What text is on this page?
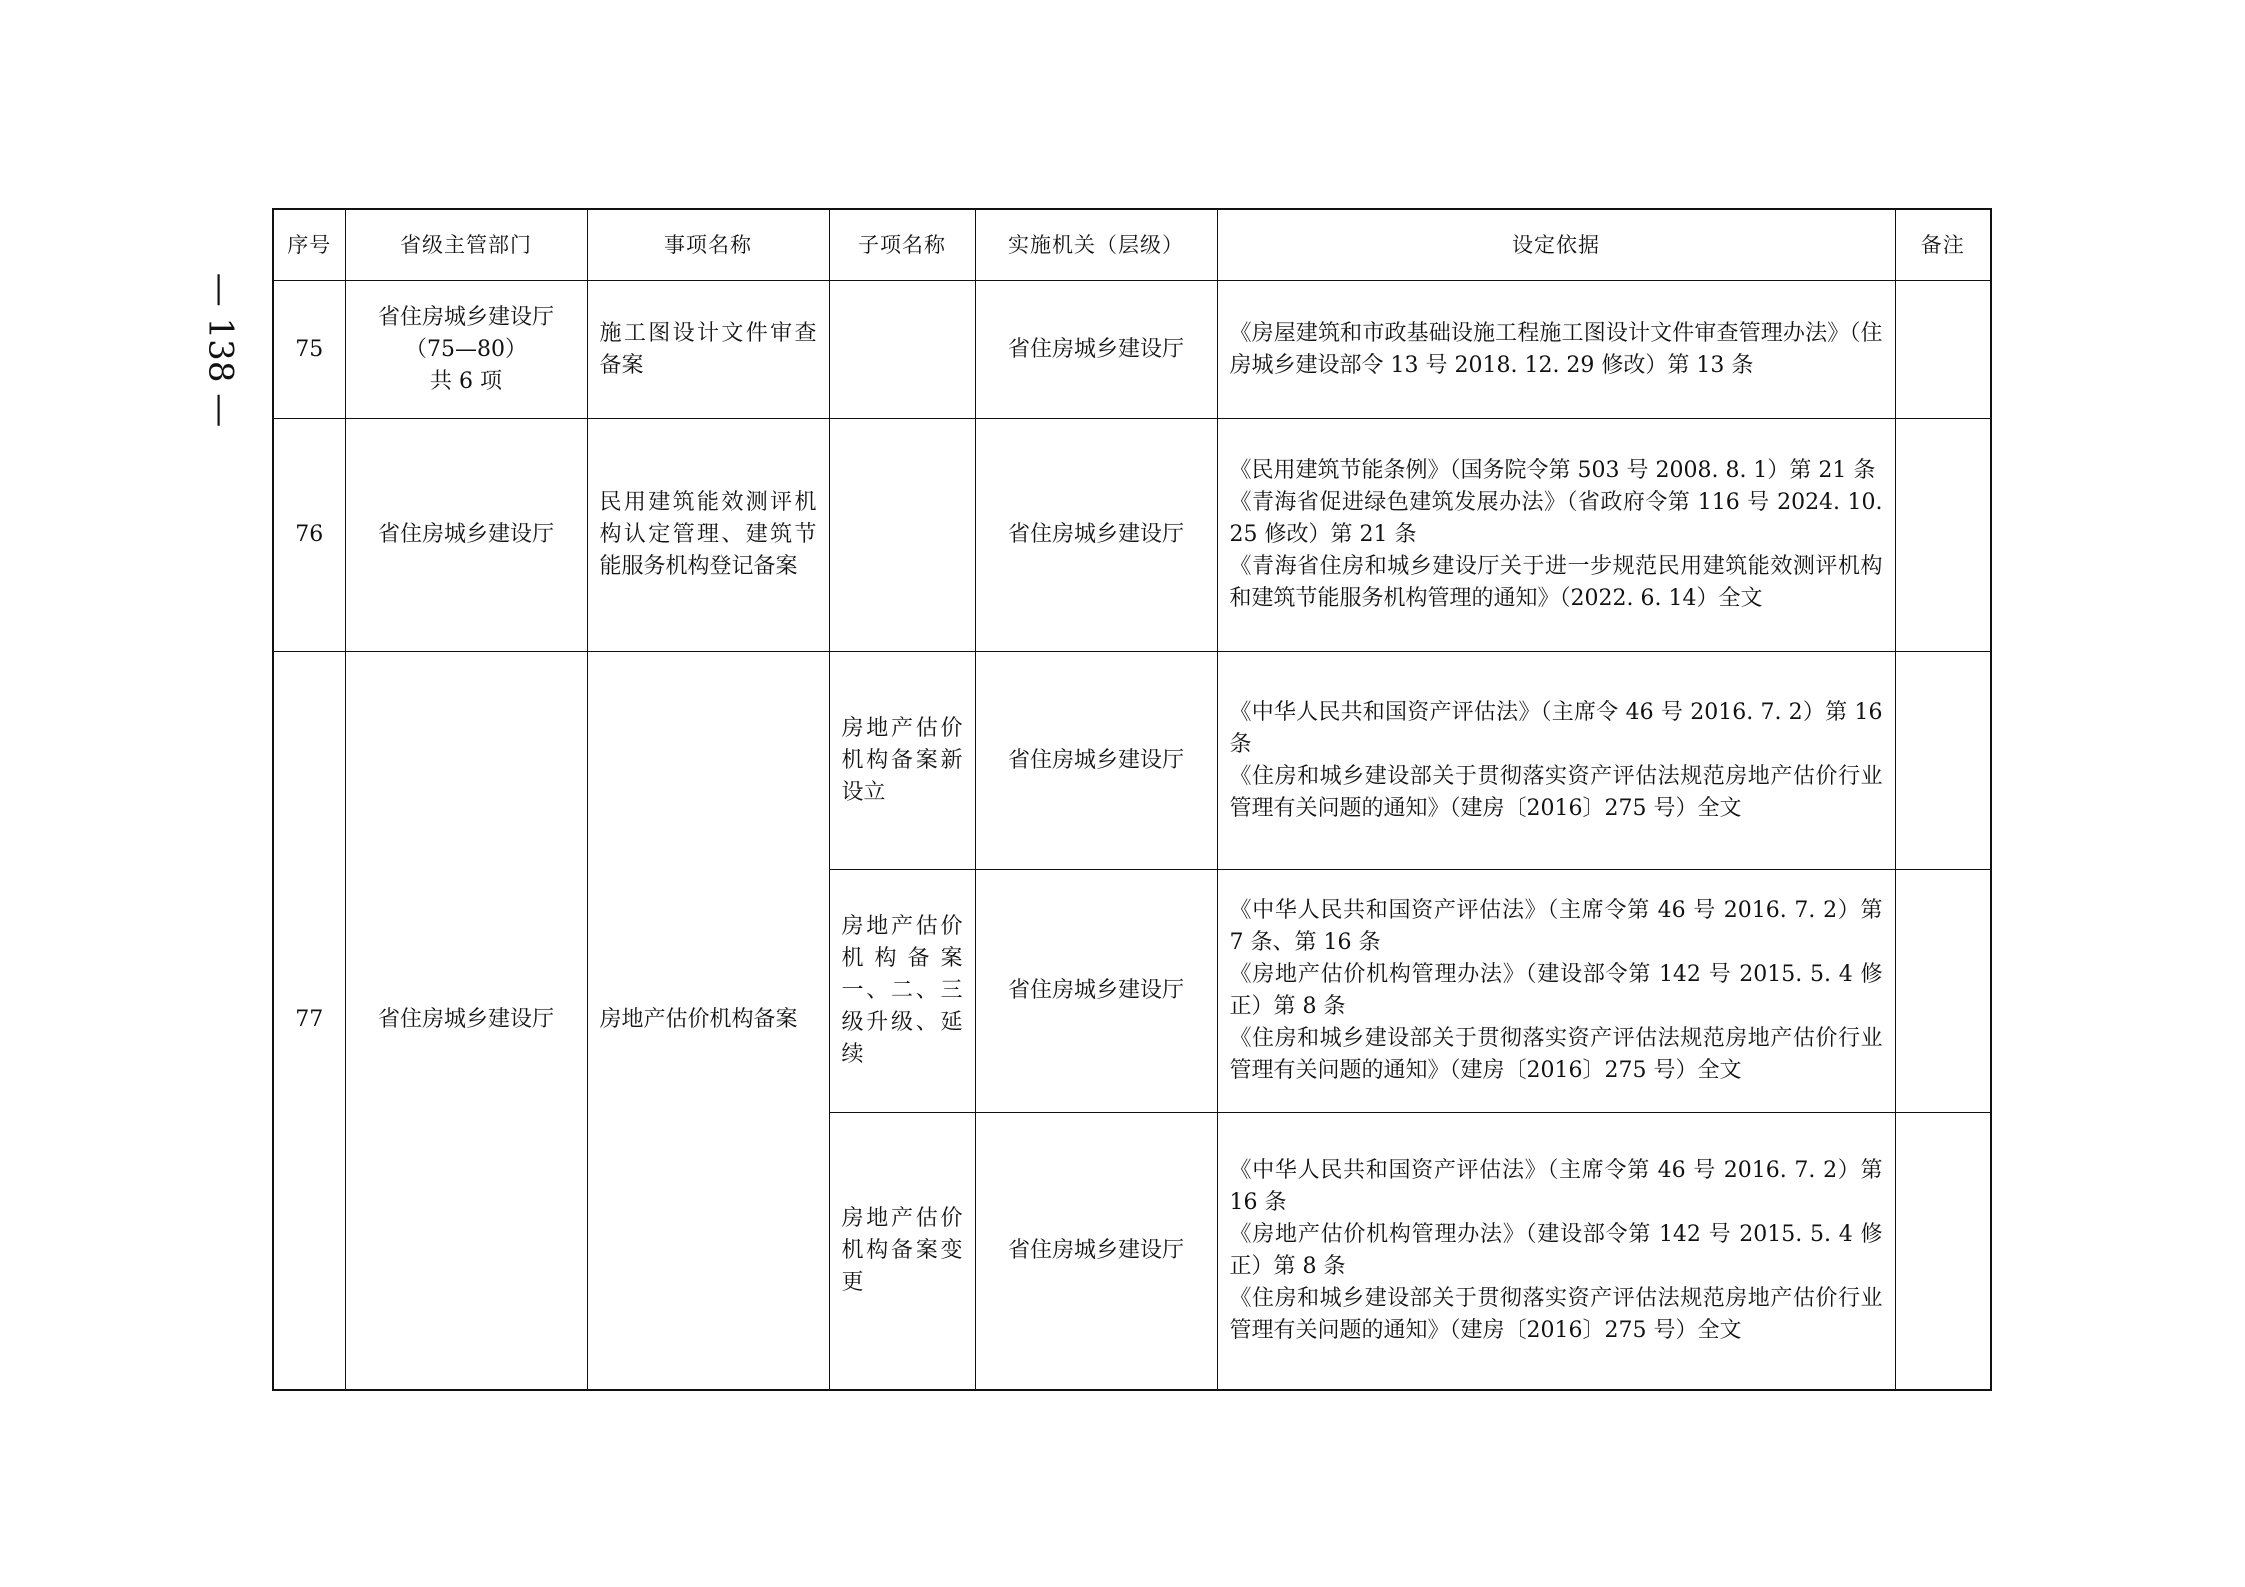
— 138 —
序号	省级主管部门	事项名称	子项名称	实施机关（层级）	设定依据	备注
75	省住房城乡建设厅
（75—80）
共 6 项	施工图设计文件审查备案		省住房城乡建设厅	《房屋建筑和市政基础设施工程施工图设计文件审查管理办法》（住房城乡建设部令 13 号 2018. 12. 29 修改）第 13 条	

76	省住房城乡建设厅	民用建筑能效测评机构认定管理、建筑节能服务机构登记备案		省住房城乡建设厅	《民用建筑节能条例》（国务院令第 503 号 2008. 8. 1）第 21 条
《青海省促进绿色建筑发展办法》（省政府令第 116 号 2024. 10. 25 修改）第 21 条
《青海省住房和城乡建设厅关于进一步规范民用建筑能效测评机构和建筑节能服务机构管理的通知》（2022. 6. 14）全文	

77	省住房城乡建设厅	房地产估价机构备案	房地产估价机构备案新设立	省住房城乡建设厅	《中华人民共和国资产评估法》（主席令 46 号 2016. 7. 2）第 16 条
《住房和城乡建设部关于贯彻落实资产评估法规范房地产估价行业管理有关问题的通知》（建房〔2016〕275 号）全文	

			房地产估价机构备案一、二、三级升级、延续	省住房城乡建设厅	《中华人民共和国资产评估法》（主席令第 46 号 2016. 7. 2）第 7 条、第 16 条
《房地产估价机构管理办法》（建设部令第 142 号 2015. 5. 4 修正）第 8 条
《住房和城乡建设部关于贯彻落实资产评估法规范房地产估价行业管理有关问题的通知》（建房〔2016〕275 号）全文	

			房地产估价机构备案变更	省住房城乡建设厅	《中华人民共和国资产评估法》（主席令第 46 号 2016. 7. 2）第 16 条
《房地产估价机构管理办法》（建设部令第 142 号 2015. 5. 4 修正）第 8 条
《住房和城乡建设部关于贯彻落实资产评估法规范房地产估价行业管理有关问题的通知》（建房〔2016〕275 号）全文	
